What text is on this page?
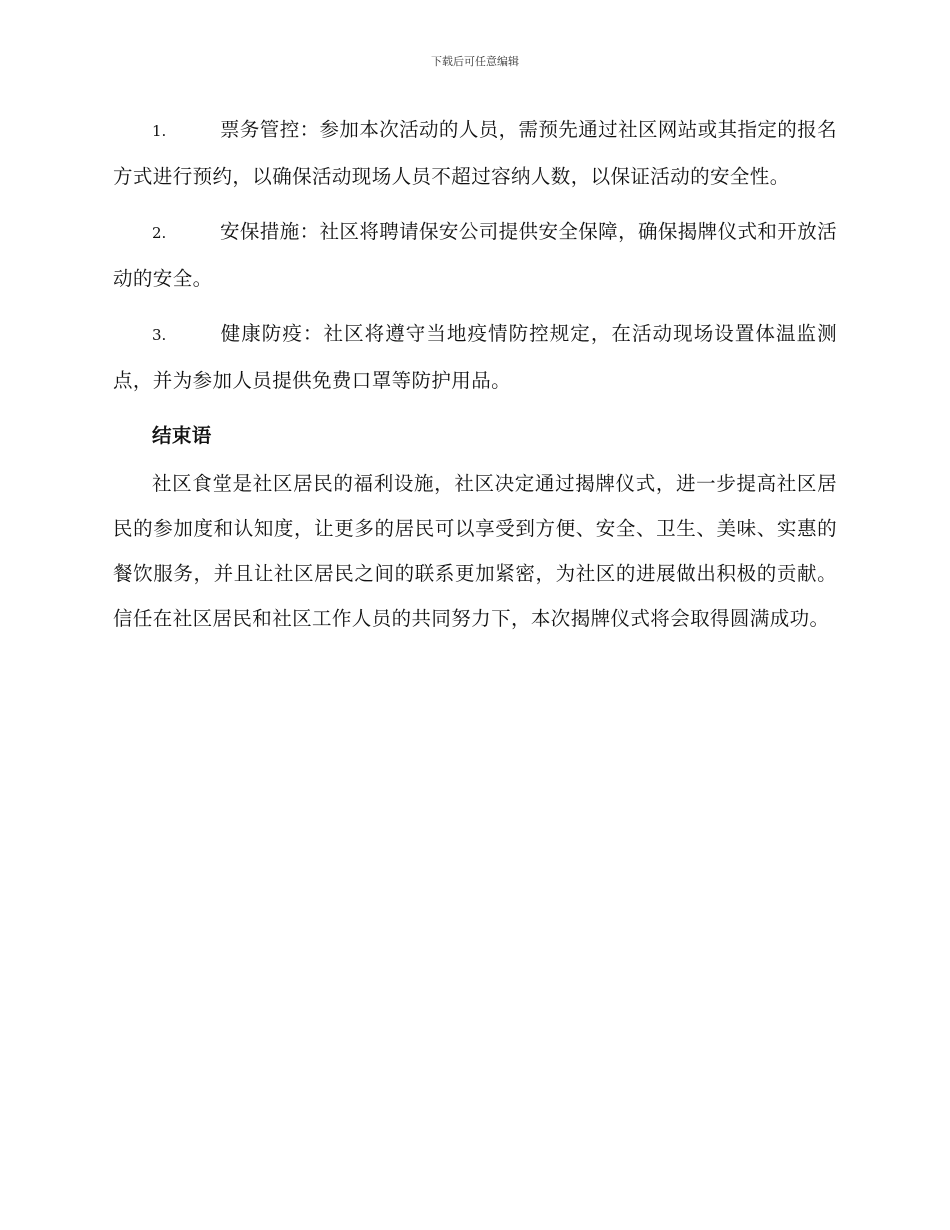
下载后可任意编辑

1.	票务管控：参加本次活动的人员，需预先通过社区网站或其指定的报名方式进行预约，以确保活动现场人员不超过容纳人数，以保证活动的安全性。

2.	安保措施：社区将聘请保安公司提供安全保障，确保揭牌仪式和开放活动的安全。

3.	健康防疫：社区将遵守当地疫情防控规定，在活动现场设置体温监测点，并为参加人员提供免费口罩等防护用品。

结束语

社区食堂是社区居民的福利设施，社区决定通过揭牌仪式，进一步提高社区居民的参加度和认知度，让更多的居民可以享受到方便、安全、卫生、美味、实惠的餐饮服务，并且让社区居民之间的联系更加紧密，为社区的进展做出积极的贡献。信任在社区居民和社区工作人员的共同努力下，本次揭牌仪式将会取得圆满成功。
